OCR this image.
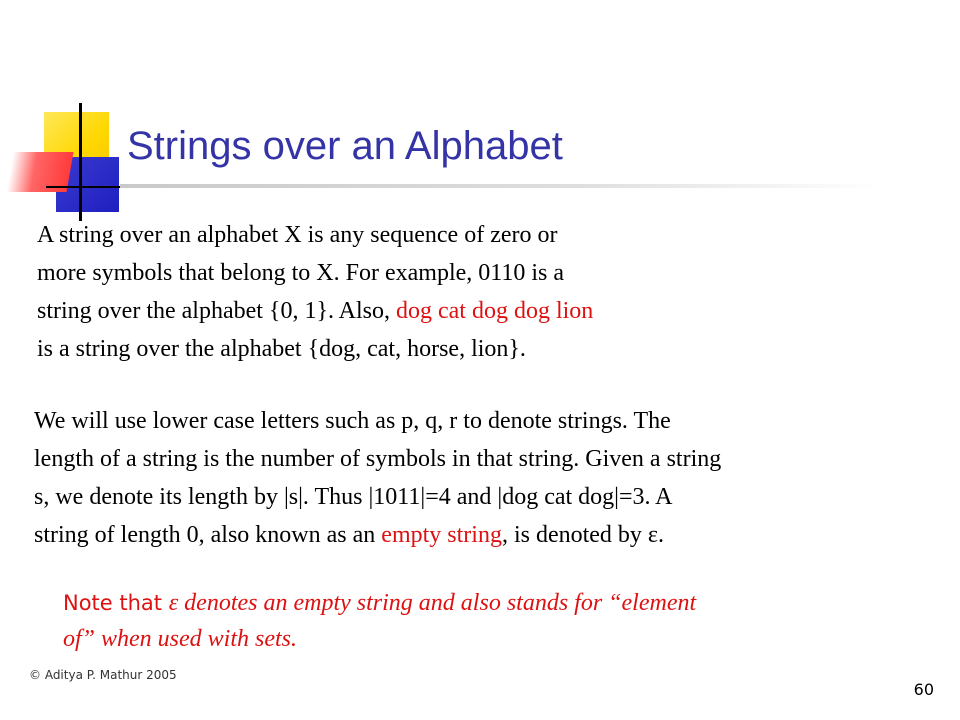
Strings over an Alphabet
A string over an alphabet X is any sequence of zero or
more symbols that belong to X. For example, 0110 is a
string over the alphabet {0, 1}. Also, dog cat dog dog lion
is a string over the alphabet {dog, cat, horse, lion}.
We will use lower case letters such as p, q, r to denote strings. The
length of a string is the number of symbols in that string. Given a string
s, we denote its length by |s|. Thus |1011|=4 and |dog cat dog|=3. A
string of length 0, also known as an empty string, is denoted by ε.
Note that ε denotes an empty string and also stands for “element
of” when used with sets.
© Aditya P. Mathur 2005
60
